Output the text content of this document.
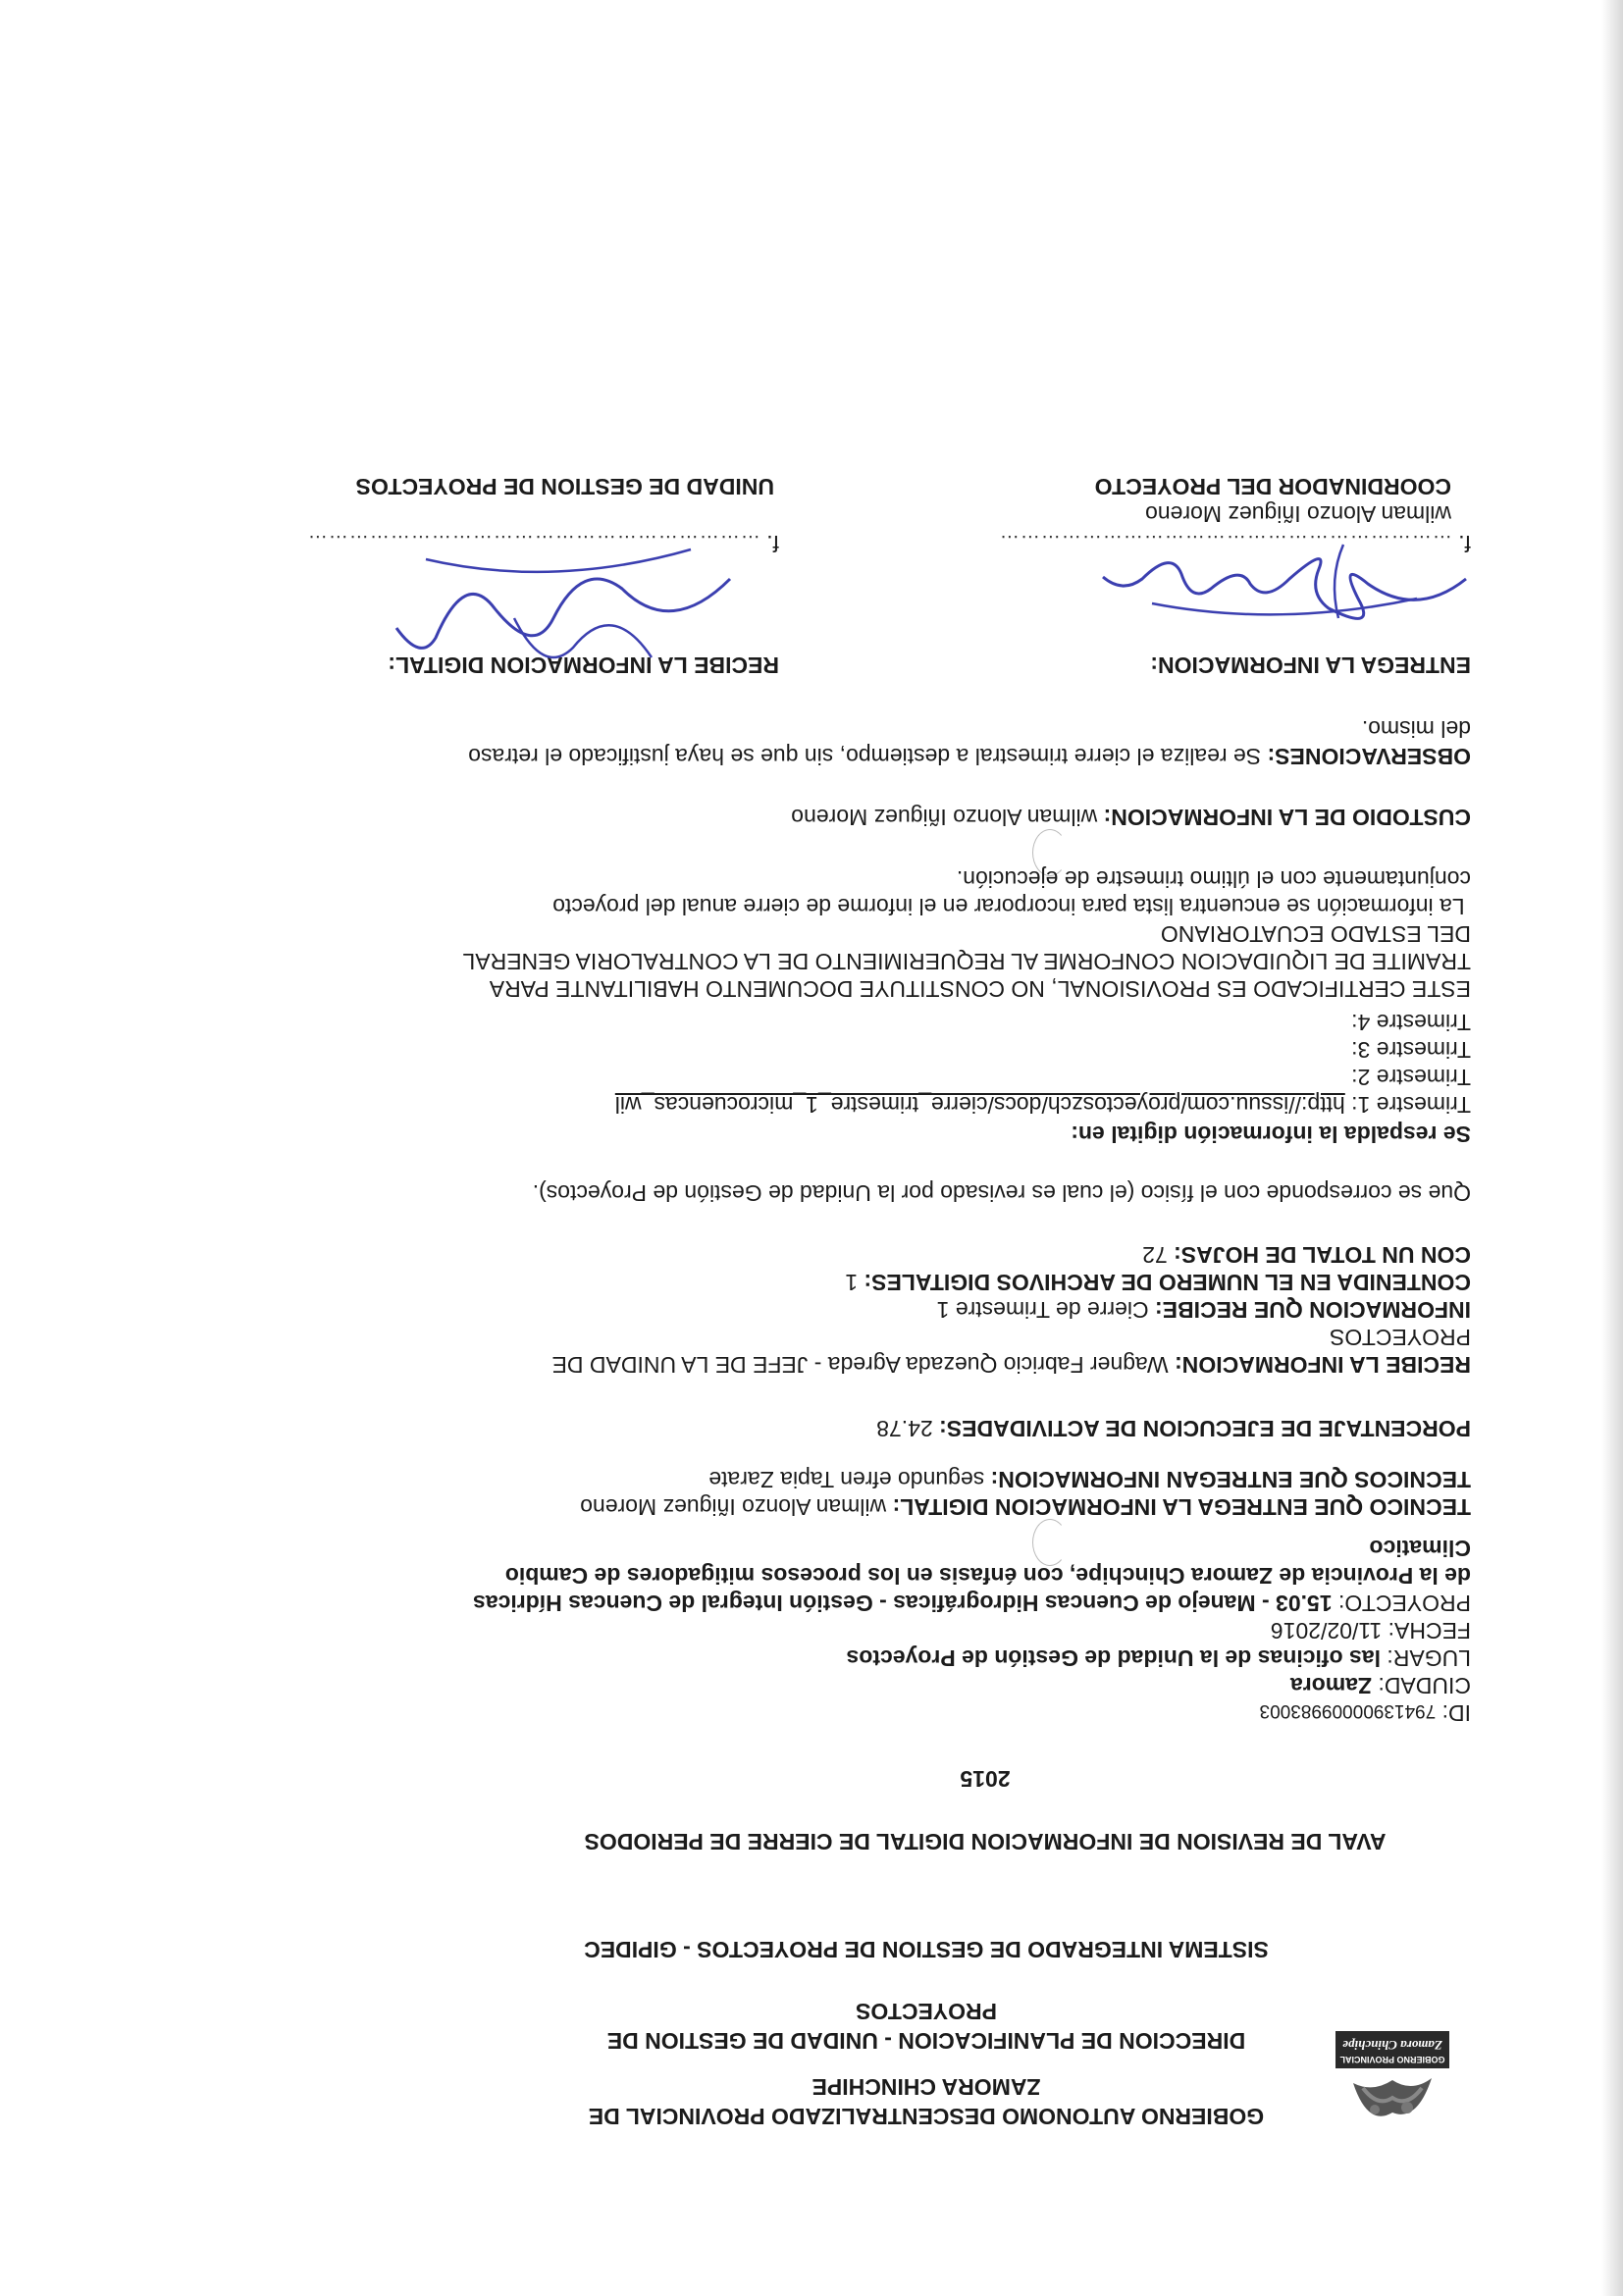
GOBIERNO PROVINCIAL
Zamora Chinchipe
GOBIERNO AUTONOMO DESCENTRALIZADO PROVINCIAL DE
ZAMORA CHINCHIPE
DIRECCION DE PLANIFICACION - UNIDAD DE GESTION DE
PROYECTOS
SISTEMA INTEGRADO DE GESTION DE PROYECTOS - GIPIDEC
AVAL DE REVISION DE INFORMACION DIGITAL DE CIERRE DE PERIODOS
2015
ID: 79413900009983003
CIUDAD: Zamora
LUGAR: las oficinas de la Unidad de Gestión de Proyectos
FECHA: 11/02/2016
PROYECTO: 15.03 - Manejo de Cuencas Hidrográficas - Gestión Integral de Cuencas Hídricas
de la Provincia de Zamora Chinchipe, con énfasis en los procesos mitigadores de Cambio
Climatico
TECNICO QUE ENTREGA LA INFORMACION DIGITAL: wilman Alonzo Iñiguez Moreno
TECNICOS QUE ENTREGAN INFORMACION: segundo efren Tapia Zarate
PORCENTAJE DE EJECUCION DE ACTIVIDADES: 24.78
RECIBE LA INFORMACION: Wagner Fabricio Quezada Agreda - JEFE DE LA UNIDAD DE
PROYECTOS
INFORMACION QUE RECIBE: Cierre de Trimestre 1
CONTENIDA EN EL NUMERO DE ARCHIVOS DIGITALES: 1
CON UN TOTAL DE HOJAS: 72
Que se corresponde con el físico (el cual es revisado por la Unidad de Gestión de Proyectos).
Se respalda la información digital en:
Trimestre 1: http://issuu.com/proyectoszch/docs/cierre_trimestre_1_microcuencas_wil
Trimestre 2:
Trimestre 3:
Trimestre 4:
ESTE CERTIFICADO ES PROVISIONAL, NO CONSTITUYE DOCUMENTO HABILITANTE PARA
TRAMITE DE LIQUIDACION CONFORME AL REQUERIMIENTO DE LA CONTRALORIA GENERAL
DEL ESTADO ECUATORIANO
La información se encuentra lista para incorporar en el informe de cierre anual del proyecto
conjuntamente con el último trimestre de ejecución.
CUSTODIO DE LA INFORMACION: wilman Alonzo Iñiguez Moreno
OBSERVACIONES: Se realiza el cierre trimestral a destiempo, sin que se haya justificado el retraso
del mismo.
ENTREGA LA INFORMACION:
RECIBE LA INFORMACION DIGITAL:
f. …………………………………………………………
f. …………………………………………………………
wilman Alonzo Iñiguez Moreno
COORDINADOR DEL PROYECTO
UNIDAD DE GESTION DE PROYECTOS
